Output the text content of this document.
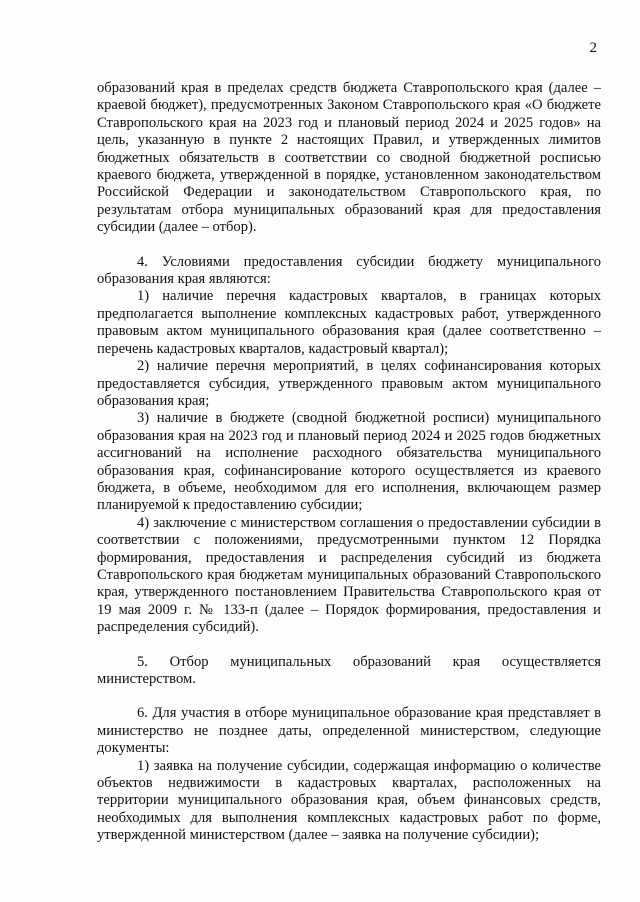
2

образований края в пределах средств бюджета Ставропольского края (далее – краевой бюджет), предусмотренных Законом Ставропольского края «О бюджете Ставропольского края на 2023 год и плановый период 2024 и 2025 годов» на цель, указанную в пункте 2 настоящих Правил, и утвержденных лимитов бюджетных обязательств в соответствии со сводной бюджетной росписью краевого бюджета, утвержденной в порядке, установленном законодательством Российской Федерации и законодательством Ставропольского края, по результатам отбора муниципальных образований края для предоставления субсидии (далее – отбор).

4. Условиями предоставления субсидии бюджету муниципального образования края являются:

1) наличие перечня кадастровых кварталов, в границах которых предполагается выполнение комплексных кадастровых работ, утвержденного правовым актом муниципального образования края (далее соответственно – перечень кадастровых кварталов, кадастровый квартал);

2) наличие перечня мероприятий, в целях софинансирования которых предоставляется субсидия, утвержденного правовым актом муниципального образования края;

3) наличие в бюджете (сводной бюджетной росписи) муниципального образования края на 2023 год и плановый период 2024 и 2025 годов бюджетных ассигнований на исполнение расходного обязательства муниципального образования края, софинансирование которого осуществляется из краевого бюджета, в объеме, необходимом для его исполнения, включающем размер планируемой к предоставлению субсидии;

4) заключение с министерством соглашения о предоставлении субсидии в соответствии с положениями, предусмотренными пунктом 12 Порядка формирования, предоставления и распределения субсидий из бюджета Ставропольского края бюджетам муниципальных образований Ставропольского края, утвержденного постановлением Правительства Ставропольского края от 19 мая 2009 г. № 133-п (далее – Порядок формирования, предоставления и распределения субсидий).

5. Отбор муниципальных образований края осуществляется министерством.

6. Для участия в отборе муниципальное образование края представляет в министерство не позднее даты, определенной министерством, следующие документы:

1) заявка на получение субсидии, содержащая информацию о количестве объектов недвижимости в кадастровых кварталах, расположенных на территории муниципального образования края, объем финансовых средств, необходимых для выполнения комплексных кадастровых работ по форме, утвержденной министерством (далее – заявка на получение субсидии);
